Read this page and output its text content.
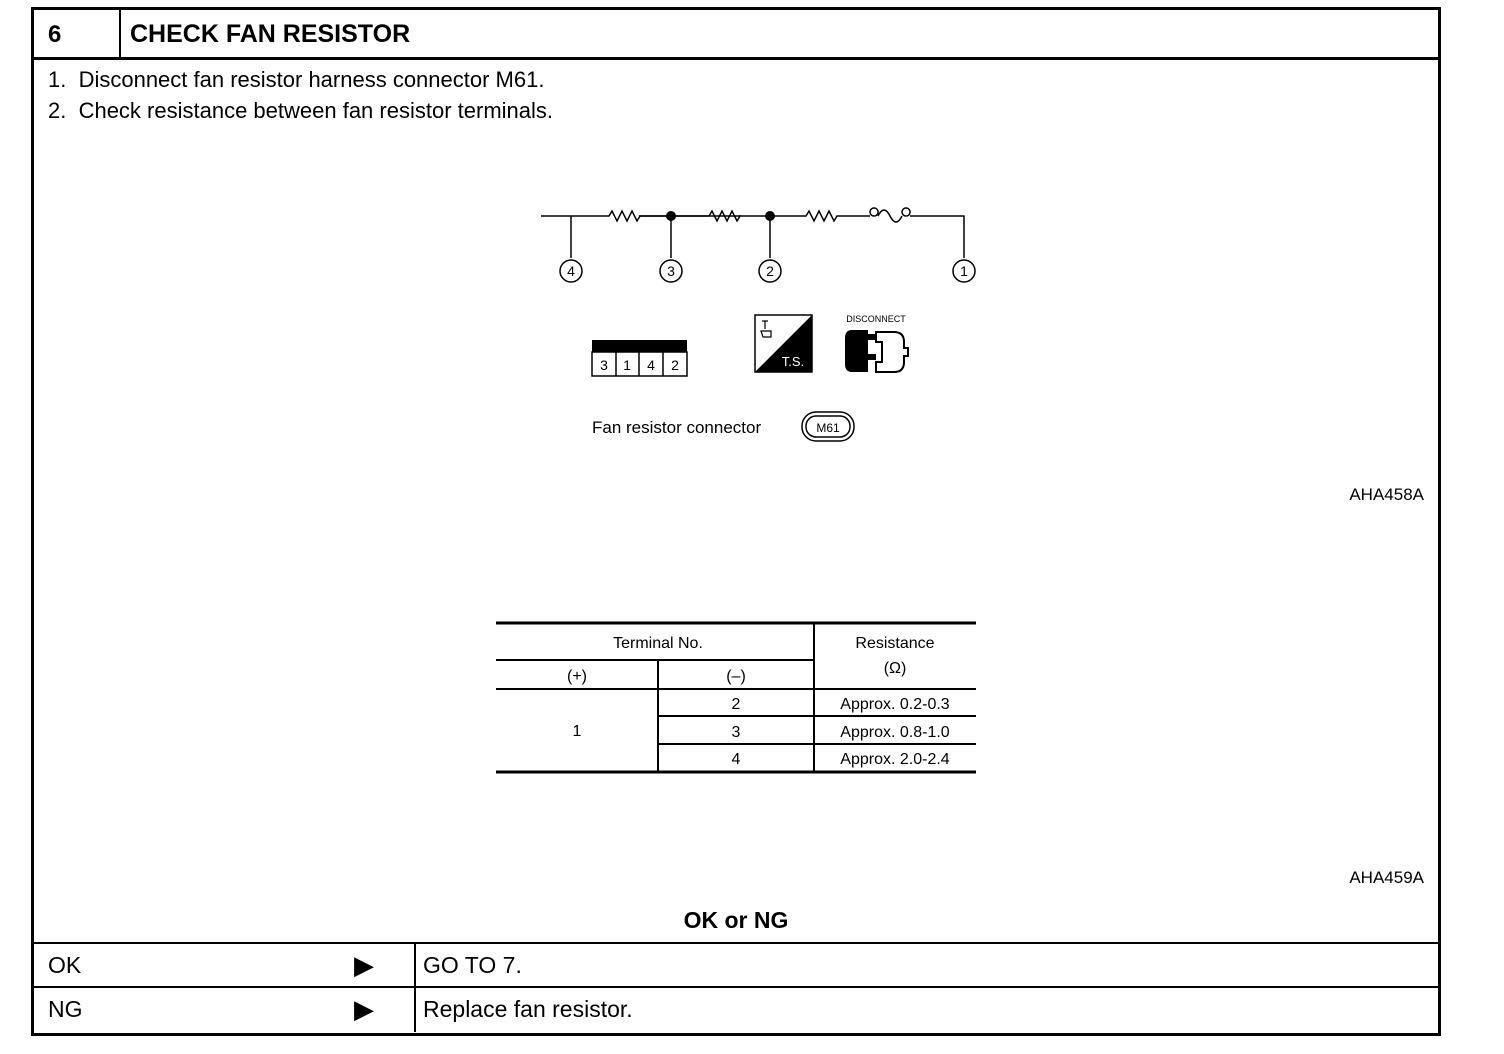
6	CHECK FAN RESISTOR
1.  Disconnect fan resistor harness connector M61.
2.  Check resistance between fan resistor terminals.
4	3	2	1
3 1 4 2	T.S.
DISCONNECT
Fan resistor connector	M61
AHA458A
Terminal No.
(+)	(–)
Resistance
(Ω)
1
2	Approx. 0.2-0.3
3	Approx. 0.8-1.0
4	Approx. 2.0-2.4
AHA459A
OK or NG
OK	▶ GO TO 7.
NG	▶ Replace fan resistor.
